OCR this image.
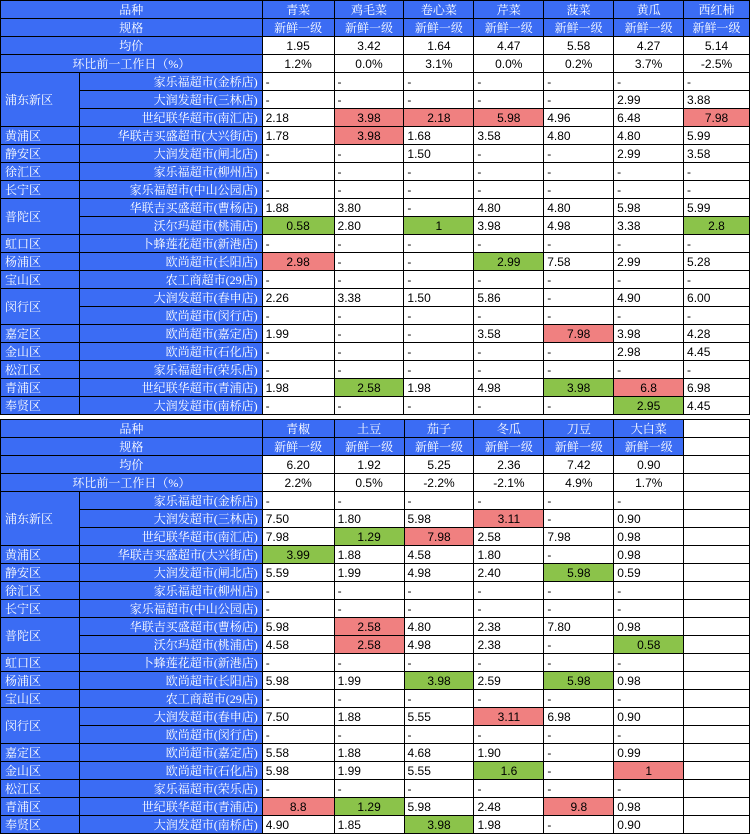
品种		青菜	鸡毛菜	卷心菜	芹菜	菠菜	黄瓜	西红柿
规格		新鲜一级	新鲜一级	新鲜一级	新鲜一级	新鲜一级	新鲜一级	新鲜一级
均价		1.95	3.42	1.64	4.47	5.58	4.27	5.14
环比前一工作日（%）		1.2%	0.0%	3.1%	0.0%	0.2%	3.7%	-2.5%
浦东新区	家乐福超市(金桥店)	-	-	-	-	-	-	-
	大润发超市(三林店)	-	-	-	-	-	2.99	3.88
	世纪联华超市(南汇店)	2.18	3.98	2.18	5.98	4.96	6.48	7.98
黄浦区	华联吉买盛超市(大兴街店)	1.78	3.98	1.68	3.58	4.80	4.80	5.99
静安区	大润发超市(闸北店)	-	-	1.50	-	-	2.99	3.58
徐汇区	家乐福超市(柳州店)	-	-	-	-	-	-	-
长宁区	家乐福超市(中山公园店)	-	-	-	-	-	-	-
普陀区	华联吉买盛超市(曹杨店)	1.88	3.80	-	4.80	4.80	5.98	5.99
	沃尔玛超市(桃浦店)	0.58	2.80	1	3.98	4.98	3.38	2.8
虹口区	卜蜂莲花超市(新港店)	-	-	-	-	-	-	-
杨浦区	欧尚超市(长阳店)	2.98	-	-	2.99	7.58	2.99	5.28
宝山区	农工商超市(29店)	-	-	-	-	-	-	-
闵行区	大润发超市(春申店)	2.26	3.38	1.50	5.86	-	4.90	6.00
	欧尚超市(闵行店)	-	-	-	-	-	-	-
嘉定区	欧尚超市(嘉定店)	1.99	-	-	3.58	7.98	3.98	4.28
金山区	欧尚超市(石化店)	-	-	-	-	-	2.98	4.45
松江区	家乐福超市(荣乐店)	-	-	-	-	-	-	-
青浦区	世纪联华超市(青浦店)	1.98	2.58	1.98	4.98	3.98	6.8	6.98
奉贤区	大润发超市(南桥店)	-	-	-	-	-	2.95	4.45
品种		青椒	土豆	茄子	冬瓜	刀豆	大白菜	
规格		新鲜一级	新鲜一级	新鲜一级	新鲜一级	新鲜一级	新鲜一级	
均价		6.20	1.92	5.25	2.36	7.42	0.90	
环比前一工作日（%）		2.2%	0.5%	-2.2%	-2.1%	4.9%	1.7%	
浦东新区	家乐福超市(金桥店)	-	-	-	-	-	-	
	大润发超市(三林店)	7.50	1.80	5.98	3.11	-	0.90	
	世纪联华超市(南汇店)	7.98	1.29	7.98	2.58	7.98	0.98	
黄浦区	华联吉买盛超市(大兴街店)	3.99	1.88	4.58	1.80	-	0.98	
静安区	大润发超市(闸北店)	5.59	1.99	4.98	2.40	5.98	0.59	
徐汇区	家乐福超市(柳州店)	-	-	-	-	-	-	
长宁区	家乐福超市(中山公园店)	-	-	-	-	-	-	
普陀区	华联吉买盛超市(曹杨店)	5.98	2.58	4.80	2.38	7.80	0.98	
	沃尔玛超市(桃浦店)	4.58	2.58	4.98	2.38	-	0.58	
虹口区	卜蜂莲花超市(新港店)	-	-	-	-	-	-	
杨浦区	欧尚超市(长阳店)	5.98	1.99	3.98	2.59	5.98	0.98	
宝山区	农工商超市(29店)	-	-	-	-	-	-	
闵行区	大润发超市(春申店)	7.50	1.88	5.55	3.11	6.98	0.90	
	欧尚超市(闵行店)	-	-	-	-	-	-	
嘉定区	欧尚超市(嘉定店)	5.58	1.88	4.68	1.90	-	0.99	
金山区	欧尚超市(石化店)	5.98	1.99	5.55	1.6	-	1	
松江区	家乐福超市(荣乐店)	-	-	-	-	-	-	
青浦区	世纪联华超市(青浦店)	8.8	1.29	5.98	2.48	9.8	0.98	
奉贤区	大润发超市(南桥店)	4.90	1.85	3.98	1.98	-	0.90	
